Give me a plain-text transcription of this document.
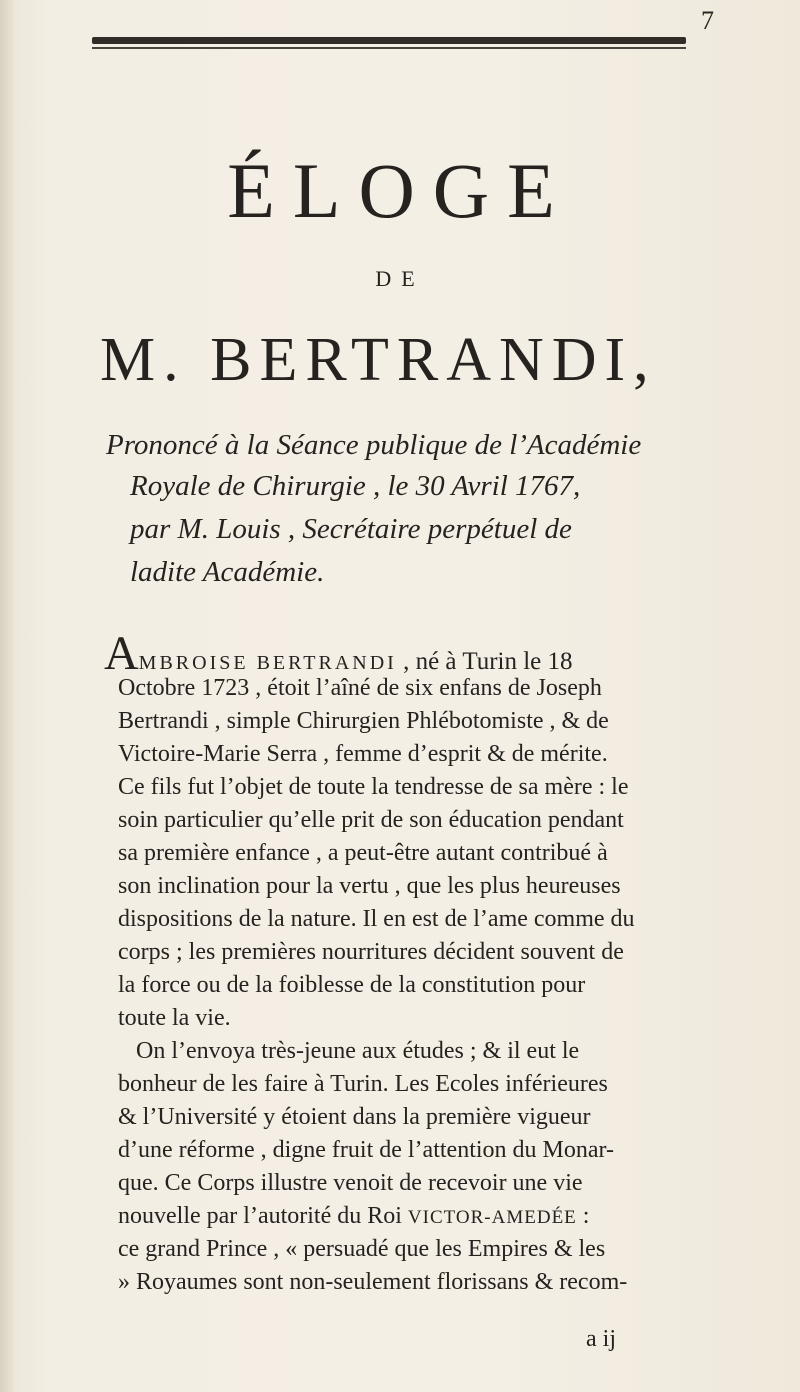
7
ÉLOGE
DE
M. BERTRANDI,
Prononcé à la Séance publique de l’Académie
Royale de Chirurgie , le 30 Avril 1767,
par M. Louis , Secrétaire perpétuel de
ladite Académie.
AMBROISE BERTRANDI , né à Turin le 18
Octobre 1723 , étoit l’aîné de six enfans de Joseph
Bertrandi , simple Chirurgien Phlébotomiste , & de
Victoire-Marie Serra , femme d’esprit & de mérite.
Ce fils fut l’objet de toute la tendresse de sa mère : le
soin particulier qu’elle prit de son éducation pendant
sa première enfance , a peut-être autant contribué à
son inclination pour la vertu , que les plus heureuses
dispositions de la nature. Il en est de l’ame comme du
corps ; les premières nourritures décident souvent de
la force ou de la foiblesse de la constitution pour
toute la vie.
On l’envoya très-jeune aux études ; & il eut le
bonheur de les faire à Turin. Les Ecoles inférieures
& l’Université y étoient dans la première vigueur
d’une réforme , digne fruit de l’attention du Monar-
que. Ce Corps illustre venoit de recevoir une vie
nouvelle par l’autorité du Roi VICTOR-AMEDÉE :
ce grand Prince , « persuadé que les Empires & les
» Royaumes sont non-seulement florissans & recom-
a ij
